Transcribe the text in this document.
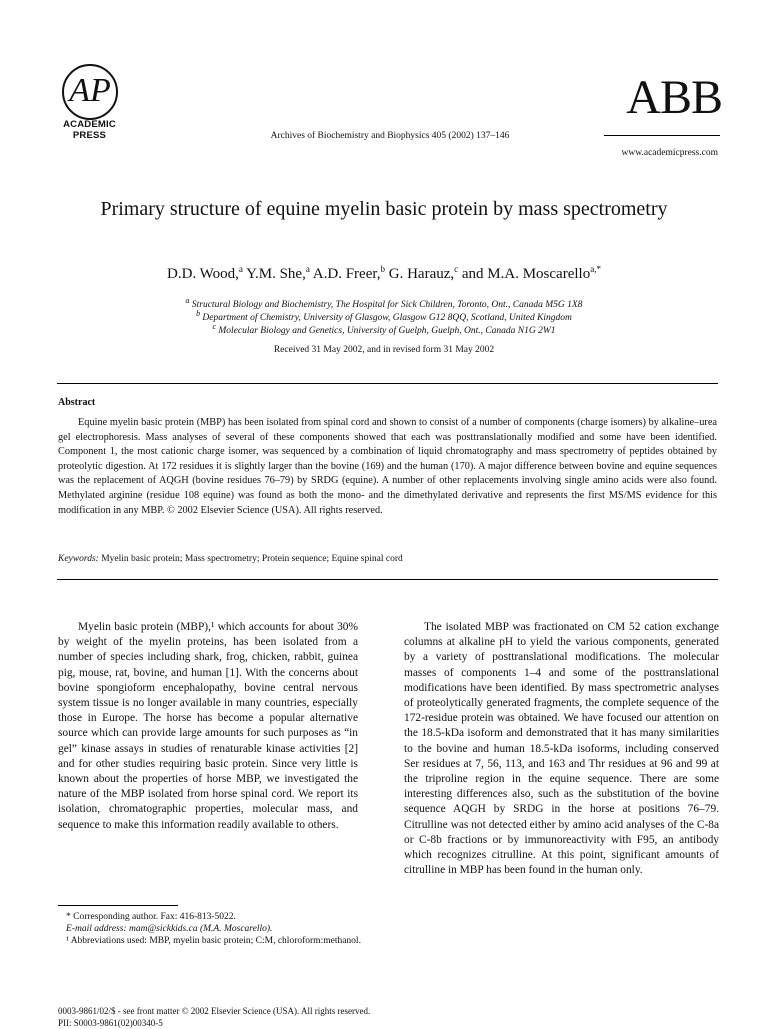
AP
ACADEMIC
PRESS	Archives of Biochemistry and Biophysics 405 (2002) 137–146
ABB
www.academicpress.com
Primary structure of equine myelin basic protein by mass spectrometry
D.D. Wood,$^a$ Y.M. She,$^a$ A.D. Freer,$^b$ G. Harauz,$^c$ and M.A. Moscarello$^{a,*}$
$^a$ Structural Biology and Biochemistry, The Hospital for Sick Children, Toronto, Ont., Canada M5G 1X8
$^b$ Department of Chemistry, University of Glasgow, Glasgow G12 8QQ, Scotland, United Kingdom
$^c$ Molecular Biology and Genetics, University of Guelph, Guelph, Ont., Canada N1G 2W1
Received 31 May 2002, and in revised form 31 May 2002
Abstract
Equine myelin basic protein (MBP) has been isolated from spinal cord and shown to consist of a number of components (charge isomers) by alkaline–urea gel electrophoresis. Mass analyses of several of these components showed that each was posttranslationally modified and some have been identified. Component 1, the most cationic charge isomer, was sequenced by a combination of liquid chromatography and mass spectrometry of peptides obtained by proteolytic digestion. At 172 residues it is slightly larger than the bovine (169) and the human (170). A major difference between bovine and equine sequences was the replacement of AQGH (bovine residues 76–79) by SRDG (equine). A number of other replacements involving single amino acids were also found. Methylated arginine (residue 108 equine) was found as both the mono- and the dimethylated derivative and represents the first MS/MS evidence for this modification in any MBP. © 2002 Elsevier Science (USA). All rights reserved.
Keywords: Myelin basic protein; Mass spectrometry; Protein sequence; Equine spinal cord

Myelin basic protein (MBP),¹ which accounts for about 30% by weight of the myelin proteins, has been isolated from a number of species including shark, frog, chicken, rabbit, guinea pig, mouse, rat, bovine, and human [1]. With the concerns about bovine spongioform encephalopathy, bovine central nervous system tissue is no longer available in many countries, especially those in Europe. The horse has become a popular alternative source which can provide large amounts for such purposes as “in gel” kinase assays in studies of renaturable kinase activities [2] and for other studies requiring basic protein. Since very little is known about the properties of horse MBP, we investigated the nature of the MBP isolated from horse spinal cord. We report its isolation, chromatographic properties, molecular mass, and sequence to make this information readily available to others.

The isolated MBP was fractionated on CM 52 cation exchange columns at alkaline pH to yield the various components, generated by a variety of posttranslational modifications. The molecular masses of components 1–4 and some of the posttranslational modifications have been identified. By mass spectrometric analyses of proteolytically generated fragments, the complete sequence of the 172-residue protein was obtained. We have focused our attention on the 18.5-kDa isoform and demonstrated that it has many similarities to the bovine and human 18.5-kDa isoforms, including conserved Ser residues at 7, 56, 113, and 163 and Thr residues at 96 and 99 at the triproline region in the equine sequence. There are some interesting differences also, such as the substitution of the bovine sequence AQGH by SRDG in the horse at positions 76–79. Citrulline was not detected either by amino acid analyses of the C-8a or C-8b fractions or by immunoreactivity with F95, an antibody which recognizes citrulline. At this point, significant amounts of citrulline in MBP has been found in the human only.

* Corresponding author. Fax: 416-813-5022.
E-mail address: mam@sickkids.ca (M.A. Moscarello).
¹ Abbreviations used: MBP, myelin basic protein; C:M, chloroform:methanol.
0003-9861/02/$ - see front matter © 2002 Elsevier Science (USA). All rights reserved.
PII: S0003-9861(02)00340-5
